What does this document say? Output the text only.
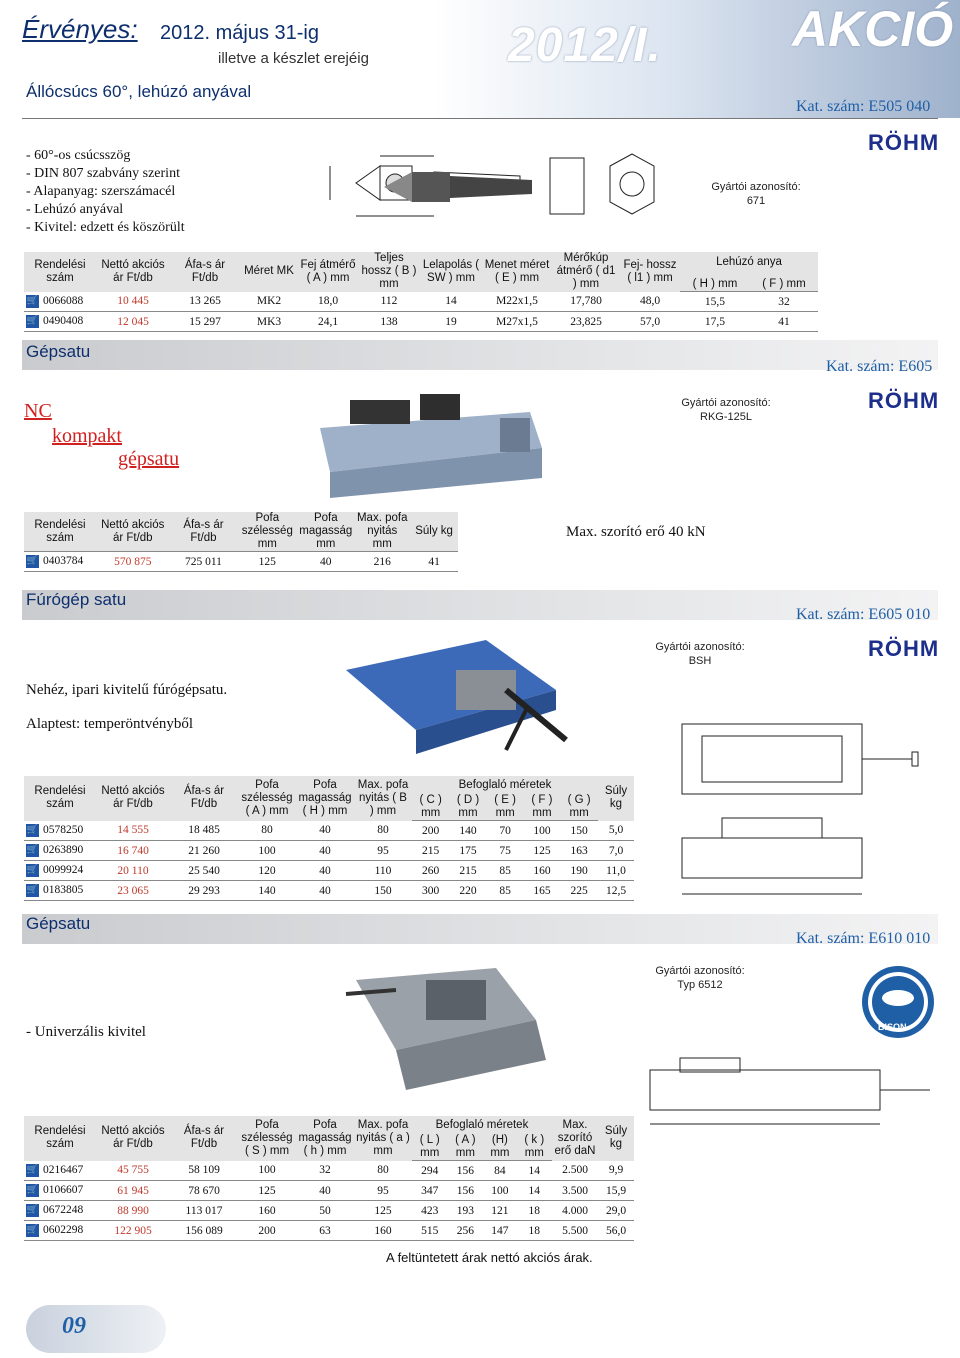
Érvényes: 2012. május 31-ig
illetve a készlet erejéig	2012/I.	AKCIÓ
Állócsúcs 60°, lehúzó anyával
Kat. szám: E505 040
- 60°-os csúcsszög
- DIN 807 szabvány szerint
- Alapanyag: szerszámacél
- Lehúzó anyával
- Kivitel: edzett és köszörült
Gyártói azonosító:
671
RÖHM
Rendelési szám	Nettó akciós ár Ft/db	Áfa-s ár Ft/db	Méret MK	Fej átmérő ( A ) mm	Teljes hossz ( B ) mm	Lelapolás ( SW ) mm	Menet méret ( E ) mm	Mérőkúp átmérő ( d1 ) mm	Fej- hossz ( l1 ) mm	Lehúzó anya	

										( H ) mm	( F ) mm
🛒 0066088	10 445	13 265	MK2	18,0	112	14	M22x1,5	17,780	48,0	15,5	32
🛒 0490408	12 045	15 297	MK3	24,1	138	19	M27x1,5	23,825	57,0	17,5	41
Gépsatu
Kat. szám: E605
NC
kompakt
gépsatu
Gyártói azonosító:
RKG-125L
RÖHM
Rendelési szám	Nettó akciós ár Ft/db	Áfa-s ár Ft/db	Pofa szélesség mm	Pofa magasság mm	Max. pofa nyitás mm	Súly kg
🛒 0403784	570 875	725 011	125	40	216	41
Max. szorító erő 40 kN
Fúrógép satu
Kat. szám: E605 010
Gyártói azonosító:
BSH	RÖHM
Nehéz, ipari kivitelű fúrógépsatu.
Alaptest: temperöntvényből
Rendelési szám	Nettó akciós ár Ft/db	Áfa-s ár Ft/db	Pofa szélesség ( A ) mm	Pofa magasság ( H ) mm	Max. pofa nyitás ( B ) mm	Befoglaló méretek					Súly kg
						( C ) mm	( D ) mm	( E ) mm	( F ) mm	( G ) mm	
🛒 0578250	14 555	18 485	80	40	80	200	140	70	100	150	5,0
🛒 0263890	16 740	21 260	100	40	95	215	175	75	125	163	7,0
🛒 0099924	20 110	25 540	120	40	110	260	215	85	160	190	11,0
🛒 0183805	23 065	29 293	140	40	150	300	220	85	165	225	12,5
Gépsatu
Kat. szám: E610 010
Gyártói azonosító:
Typ 6512
BISON
- Univerzális kivitel
Rendelési szám	Nettó akciós ár Ft/db	Áfa-s ár Ft/db	Pofa szélesség ( S ) mm	Pofa magasság ( h ) mm	Max. pofa nyitás ( a ) mm	Befoglaló méretek				Max. szorító erő daN	Súly kg
						( L ) mm	( A ) mm	(H) mm	( k ) mm		
🛒 0216467	45 755	58 109	100	32	80	294	156	84	14	2.500	9,9
🛒 0106607	61 945	78 670	125	40	95	347	156	100	14	3.500	15,9
🛒 0672248	88 990	113 017	160	50	125	423	193	121	18	4.000	29,0
🛒 0602298	122 905	156 089	200	63	160	515	256	147	18	5.500	56,0
A feltüntetett árak nettó akciós árak.
09
